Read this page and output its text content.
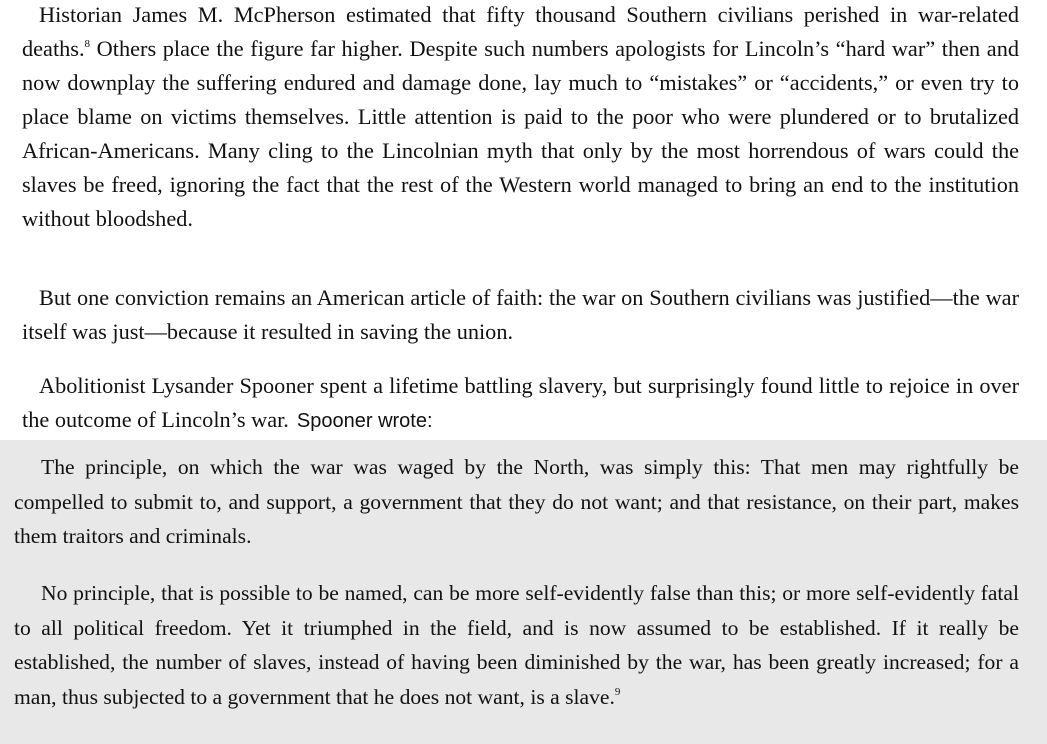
Historian James M. McPherson estimated that fifty thousand Southern civilians perished in war-related deaths.$^8$ Others place the figure far higher. Despite such numbers apologists for Lincoln’s “hard war” then and now downplay the suffering endured and damage done, lay much to “mistakes” or “accidents,” or even try to place blame on victims themselves. Little attention is paid to the poor who were plundered or to brutalized African-Americans. Many cling to the Lincolnian myth that only by the most horrendous of wars could the slaves be freed, ignoring the fact that the rest of the Western world managed to bring an end to the institution without bloodshed.

But one conviction remains an American article of faith: the war on Southern civilians was justified—the war itself was just—because it resulted in saving the union.

Abolitionist Lysander Spooner spent a lifetime battling slavery, but surprisingly found little to rejoice in over the outcome of Lincoln’s war. Spooner wrote:

The principle, on which the war was waged by the North, was simply this: That men may rightfully be compelled to submit to, and support, a government that they do not want; and that resistance, on their part, makes them traitors and criminals.

No principle, that is possible to be named, can be more self-evidently false than this; or more self-evidently fatal to all political freedom. Yet it triumphed in the field, and is now assumed to be established. If it really be established, the number of slaves, instead of having been diminished by the war, has been greatly increased; for a man, thus subjected to a government that he does not want, is a slave.$^9$
